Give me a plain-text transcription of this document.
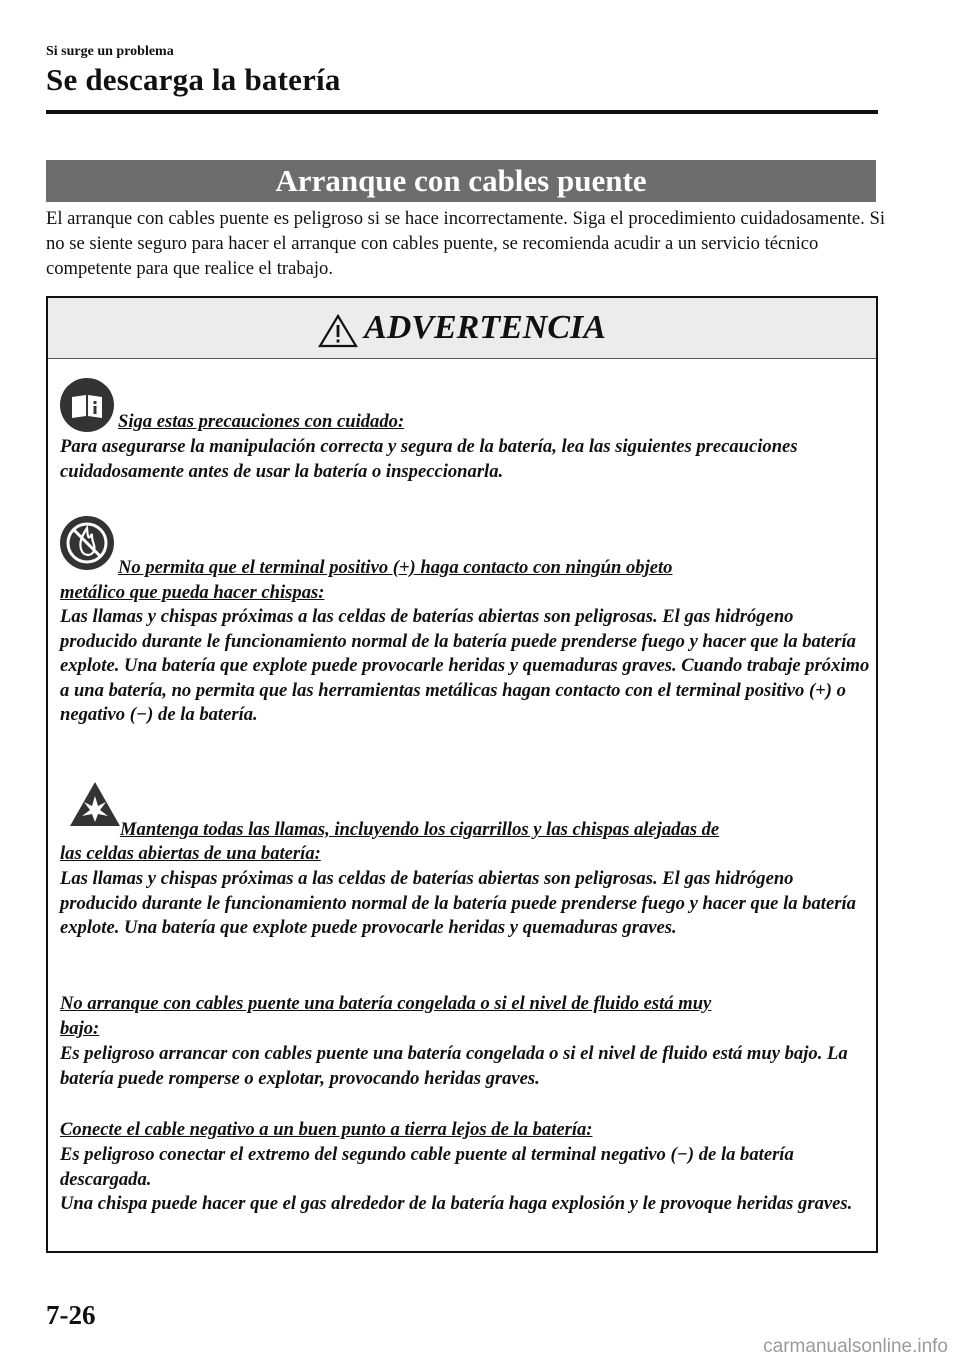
Si surge un problema
Se descarga la batería
Arranque con cables puente
El arranque con cables puente es peligroso si se hace incorrectamente. Siga el procedimiento cuidadosamente. Si no se siente seguro para hacer el arranque con cables puente, se recomienda acudir a un servicio técnico competente para que realice el trabajo.
ADVERTENCIA
Siga estas precauciones con cuidado:
Para asegurarse la manipulación correcta y segura de la batería, lea las siguientes precauciones cuidadosamente antes de usar la batería o inspeccionarla.
No permita que el terminal positivo (+) haga contacto con ningún objeto
metálico que pueda hacer chispas:
Las llamas y chispas próximas a las celdas de baterías abiertas son peligrosas. El gas hidrógeno producido durante le funcionamiento normal de la batería puede prenderse fuego y hacer que la batería explote. Una batería que explote puede provocarle heridas y quemaduras graves. Cuando trabaje próximo a una batería, no permita que las herramientas metálicas hagan contacto con el terminal positivo (+) o negativo (−) de la batería.
Mantenga todas las llamas, incluyendo los cigarrillos y las chispas alejadas de
las celdas abiertas de una batería:
Las llamas y chispas próximas a las celdas de baterías abiertas son peligrosas. El gas hidrógeno producido durante le funcionamiento normal de la batería puede prenderse fuego y hacer que la batería explote. Una batería que explote puede provocarle heridas y quemaduras graves.
No arranque con cables puente una batería congelada o si el nivel de fluido está muy
bajo:
Es peligroso arrancar con cables puente una batería congelada o si el nivel de fluido está muy bajo. La batería puede romperse o explotar, provocando heridas graves.
Conecte el cable negativo a un buen punto a tierra lejos de la batería:
Es peligroso conectar el extremo del segundo cable puente al terminal negativo (−) de la batería descargada.
Una chispa puede hacer que el gas alrededor de la batería haga explosión y le provoque heridas graves.
7-26
carmanualsonline.info
